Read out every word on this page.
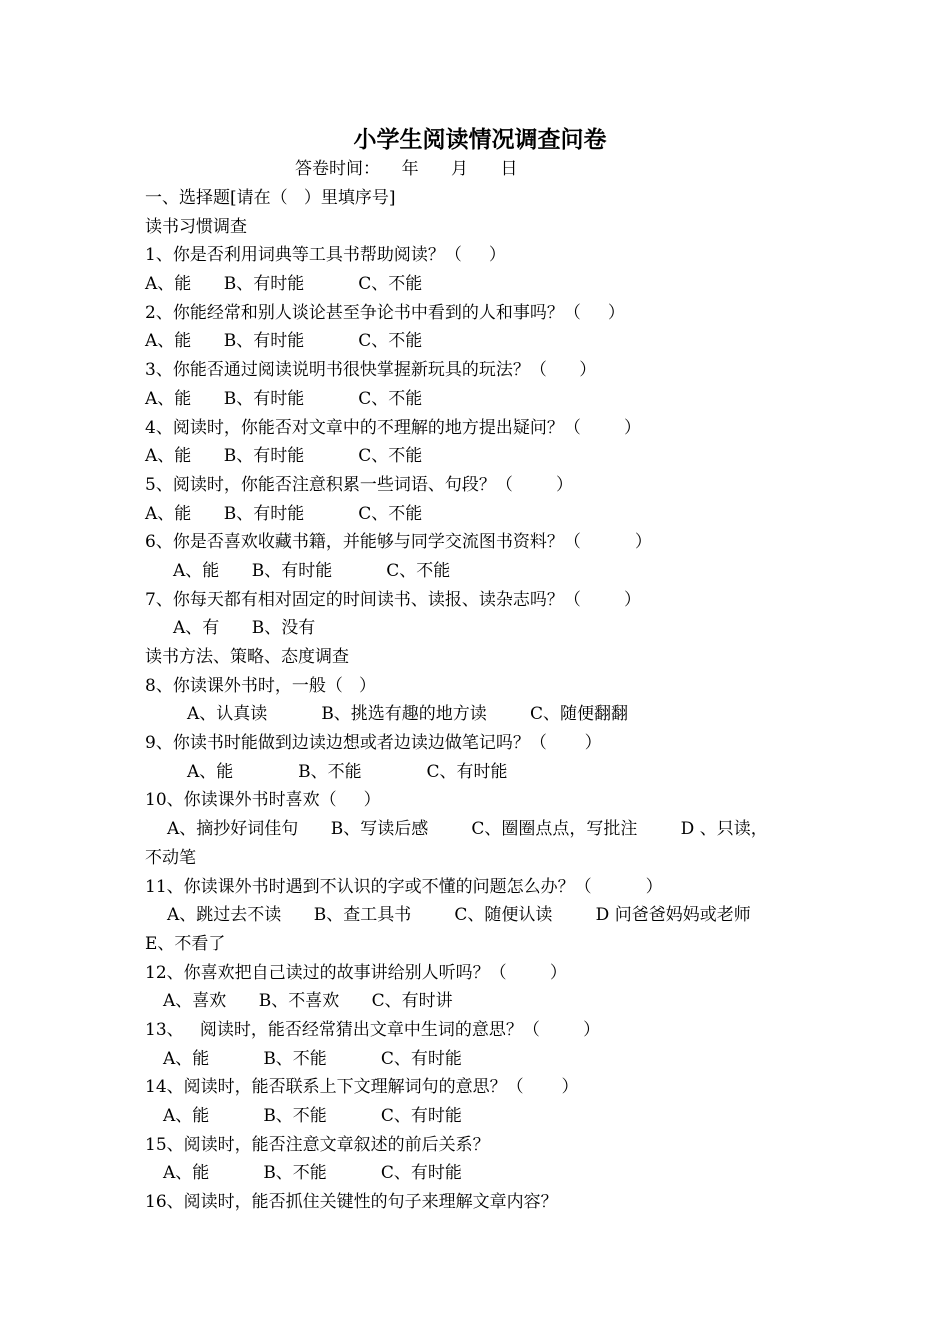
小学生阅读情况调查问卷
答卷时间：    年      月      日
一、选择题[请在（   ）里填序号]
读书习惯调查
1、你是否利用词典等工具书帮助阅读？（     ）
A、能      B、有时能          C、不能
2、你能经常和别人谈论甚至争论书中看到的人和事吗？（     ）
A、能      B、有时能          C、不能
3、你能否通过阅读说明书很快掌握新玩具的玩法？（      ）
A、能      B、有时能          C、不能
4、阅读时，你能否对文章中的不理解的地方提出疑问？（        ）
A、能      B、有时能          C、不能
5、阅读时，你能否注意积累一些词语、句段？（        ）
A、能      B、有时能          C、不能
6、你是否喜欢收藏书籍，并能够与同学交流图书资料？（          ）
A、能      B、有时能          C、不能
7、你每天都有相对固定的时间读书、读报、读杂志吗？（        ）
A、有      B、没有
读书方法、策略、态度调查
8、你读课外书时，一般（   ）
A、认真读          B、挑选有趣的地方读        C、随便翻翻
9、你读书时能做到边读边想或者边读边做笔记吗？（       ）
A、能            B、不能            C、有时能
10、你读课外书时喜欢（     ）
A、摘抄好词佳句      B、写读后感        C、圈圈点点，写批注        D 、只读，
不动笔
11、你读课外书时遇到不认识的字或不懂的问题怎么办？（          ）
A、跳过去不读      B、查工具书        C、随便认读        D 问爸爸妈妈或老师
E、不看了
12、你喜欢把自己读过的故事讲给别人听吗？（        ）
A、喜欢      B、不喜欢      C、有时讲
13、   阅读时，能否经常猜出文章中生词的意思？（        ）
A、能          B、不能          C、有时能
14、阅读时，能否联系上下文理解词句的意思？（       ）
A、能          B、不能          C、有时能
15、阅读时，能否注意文章叙述的前后关系？
A、能          B、不能          C、有时能
16、阅读时，能否抓住关键性的句子来理解文章内容？
